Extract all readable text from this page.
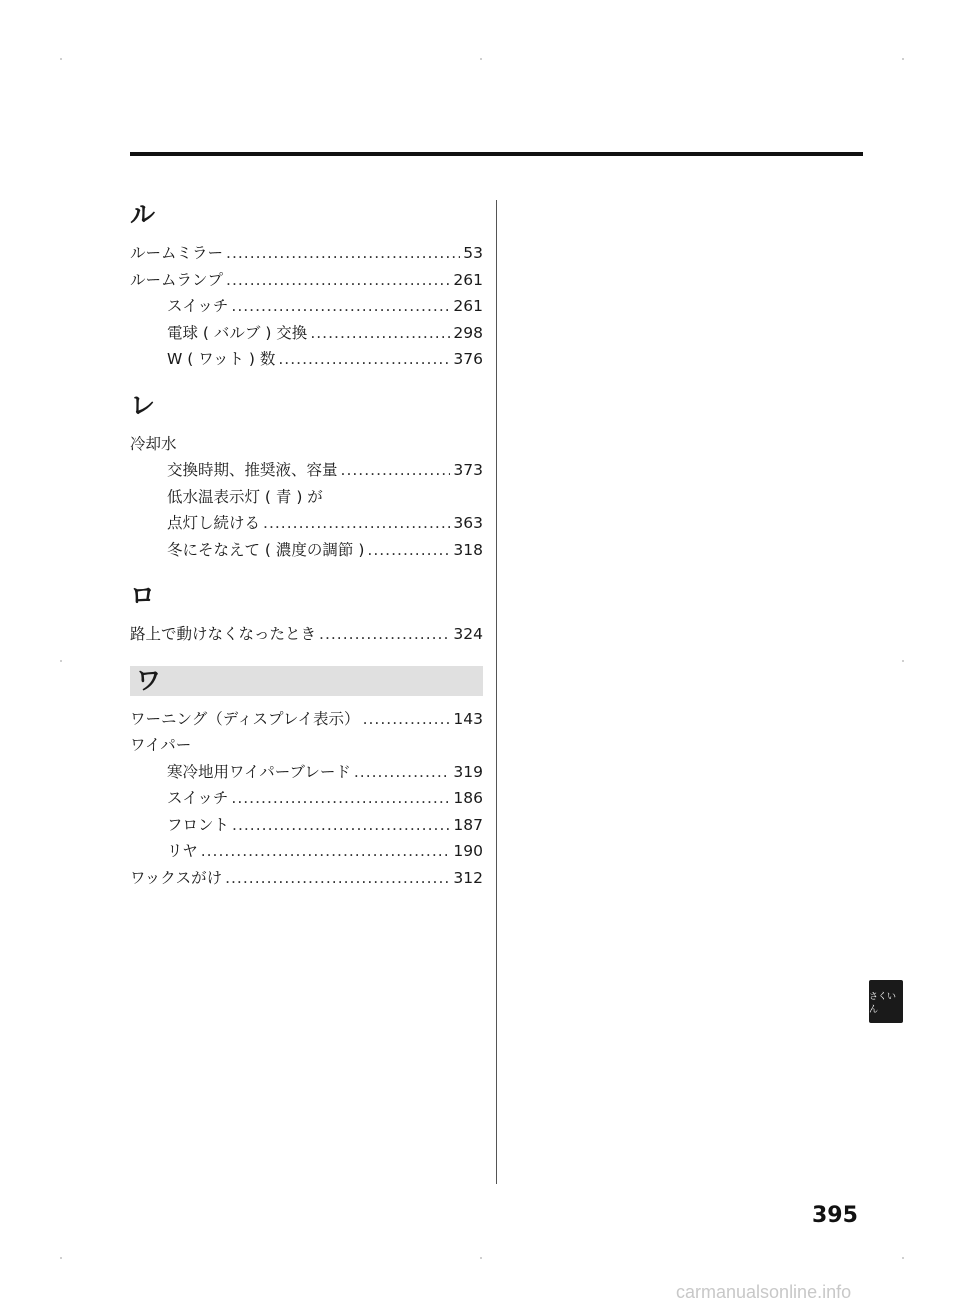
ル
ルームミラー .....	53
ルームランプ .....	261
スイッチ .....	261
電球 ( バルブ ) 交換 .....	298
W ( ワット ) 数 .....	376
レ
冷却水
交換時期、推奨液、容量 .....	373
低水温表示灯 ( 青 ) が
点灯し続ける .....	363
冬にそなえて ( 濃度の調節 ) .....	318
ロ
路上で動けなくなったとき .....	324
ワ
ワーニング（ディスプレイ表示） .....	143
ワイパー
寒冷地用ワイパーブレード .....	319
スイッチ .....	186
フロント .....	187
リヤ .....	190
ワックスがけ .....	312
さくいん
395
carmanualsonline.info
